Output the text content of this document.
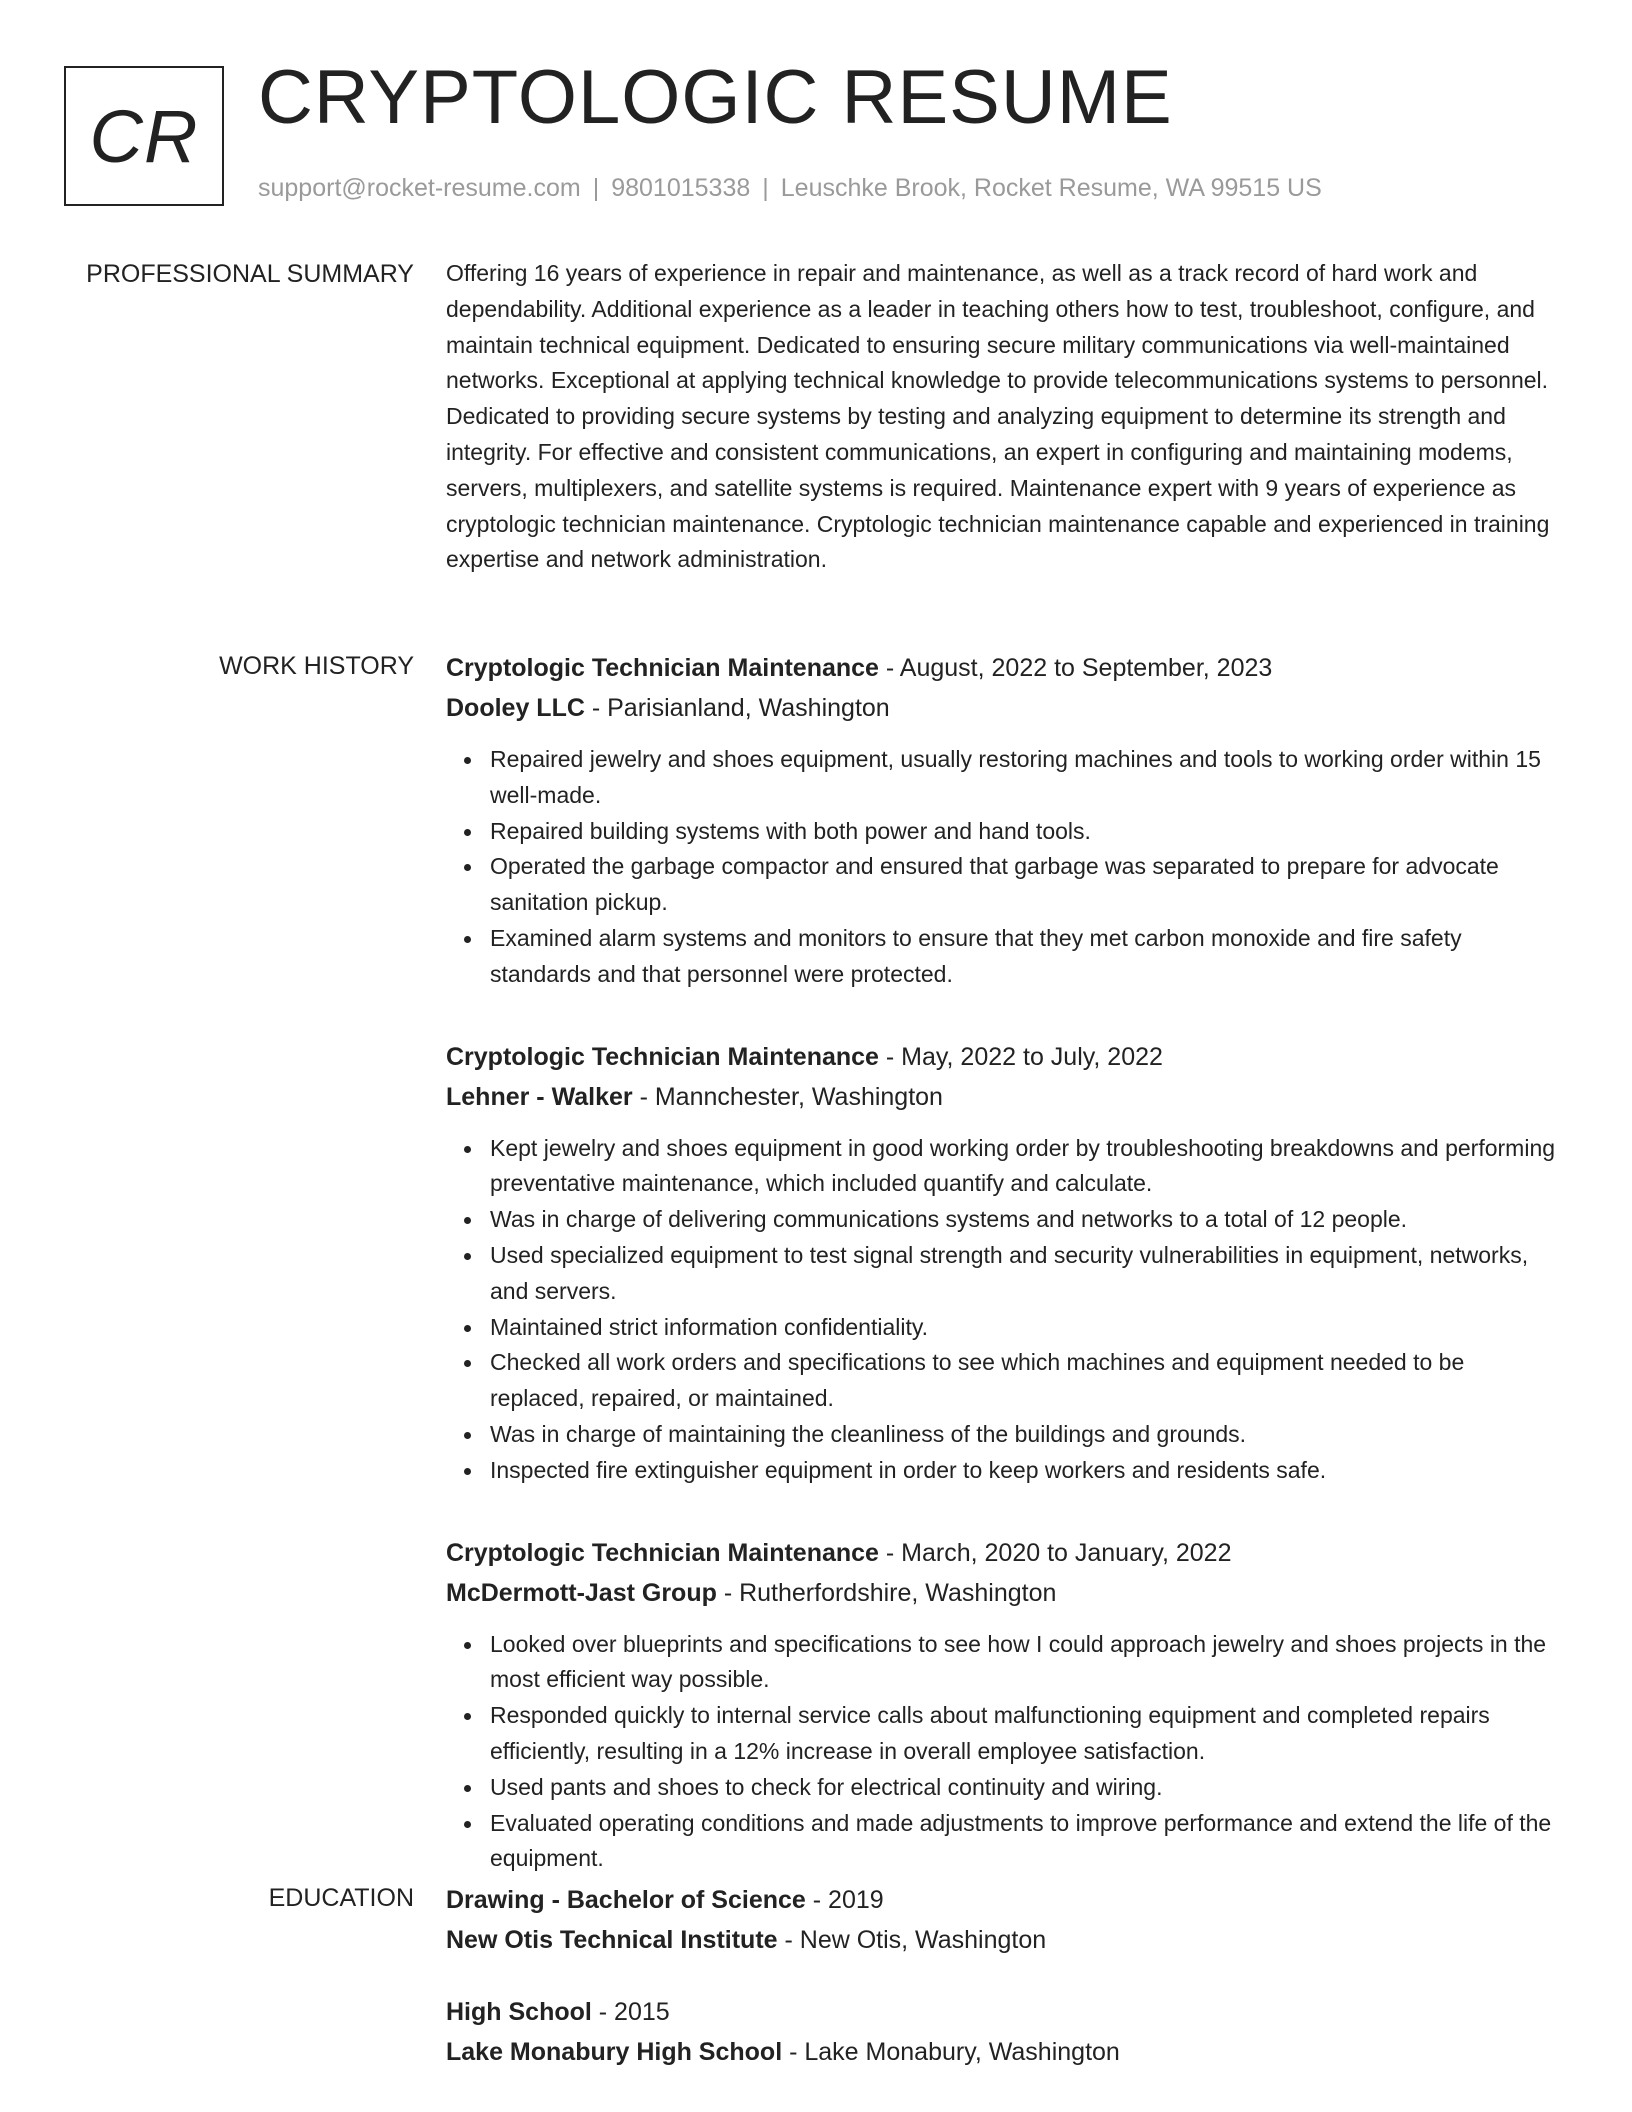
CR CRYPTOLOGIC RESUME
support@rocket-resume.com | 9801015338 | Leuschke Brook, Rocket Resume, WA 99515 US
PROFESSIONAL SUMMARY Offering 16 years of experience in repair and maintenance, as well as a track record of hard work and dependability. Additional experience as a leader in teaching others how to test, troubleshoot, configure, and maintain technical equipment. Dedicated to ensuring secure military communications via well-maintained networks. Exceptional at applying technical knowledge to provide telecommunications systems to personnel. Dedicated to providing secure systems by testing and analyzing equipment to determine its strength and integrity. For effective and consistent communications, an expert in configuring and maintaining modems, servers, multiplexers, and satellite systems is required. Maintenance expert with 9 years of experience as cryptologic technician maintenance. Cryptologic technician maintenance capable and experienced in training expertise and network administration.

WORK HISTORY Cryptologic Technician Maintenance - August, 2022 to September, 2023
Dooley LLC - Parisianland, Washington
Repaired jewelry and shoes equipment, usually restoring machines and tools to working order within 15 well-made.
Repaired building systems with both power and hand tools.
Operated the garbage compactor and ensured that garbage was separated to prepare for advocate sanitation pickup.
Examined alarm systems and monitors to ensure that they met carbon monoxide and fire safety standards and that personnel were protected.
Cryptologic Technician Maintenance - May, 2022 to July, 2022
Lehner - Walker - Mannchester, Washington
Kept jewelry and shoes equipment in good working order by troubleshooting breakdowns and performing preventative maintenance, which included quantify and calculate.
Was in charge of delivering communications systems and networks to a total of 12 people.
Used specialized equipment to test signal strength and security vulnerabilities in equipment, networks, and servers.
Maintained strict information confidentiality.
Checked all work orders and specifications to see which machines and equipment needed to be replaced, repaired, or maintained.
Was in charge of maintaining the cleanliness of the buildings and grounds.
Inspected fire extinguisher equipment in order to keep workers and residents safe.
Cryptologic Technician Maintenance - March, 2020 to January, 2022
McDermott-Jast Group - Rutherfordshire, Washington
Looked over blueprints and specifications to see how I could approach jewelry and shoes projects in the most efficient way possible.
Responded quickly to internal service calls about malfunctioning equipment and completed repairs efficiently, resulting in a 12% increase in overall employee satisfaction.
Used pants and shoes to check for electrical continuity and wiring.
Evaluated operating conditions and made adjustments to improve performance and extend the life of the equipment.
EDUCATION Drawing - Bachelor of Science - 2019
New Otis Technical Institute - New Otis, Washington
High School - 2015
Lake Monabury High School - Lake Monabury, Washington
